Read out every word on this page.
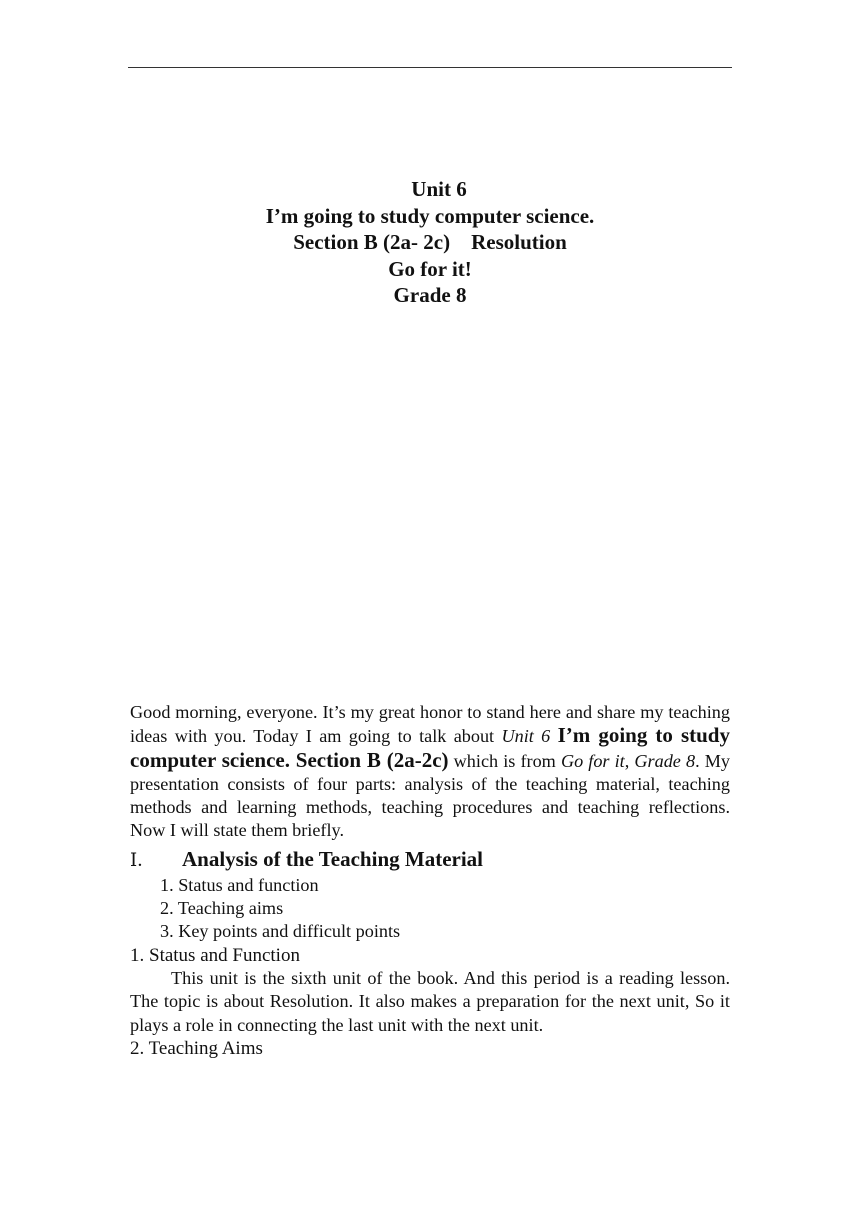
Unit 6
I’m going to study computer science.
Section B (2a- 2c)    Resolution
Go for it!
Grade 8

Good morning, everyone. It’s my great honor to stand here and share my teaching ideas with you. Today I am going to talk about Unit 6 I’m going to study computer science. Section B (2a-2c) which is from Go for it, Grade 8. My presentation consists of four parts: analysis of the teaching material, teaching methods and learning methods, teaching procedures and teaching reflections. Now I will state them briefly.

Ⅰ． Analysis of the Teaching Material
1. Status and function
2. Teaching aims
3. Key points and difficult points

1. Status and Function

This unit is the sixth unit of the book. And this period is a reading lesson. The topic is about Resolution. It also makes a preparation for the next unit, So it plays a role in connecting the last unit with the next unit.

2. Teaching Aims
